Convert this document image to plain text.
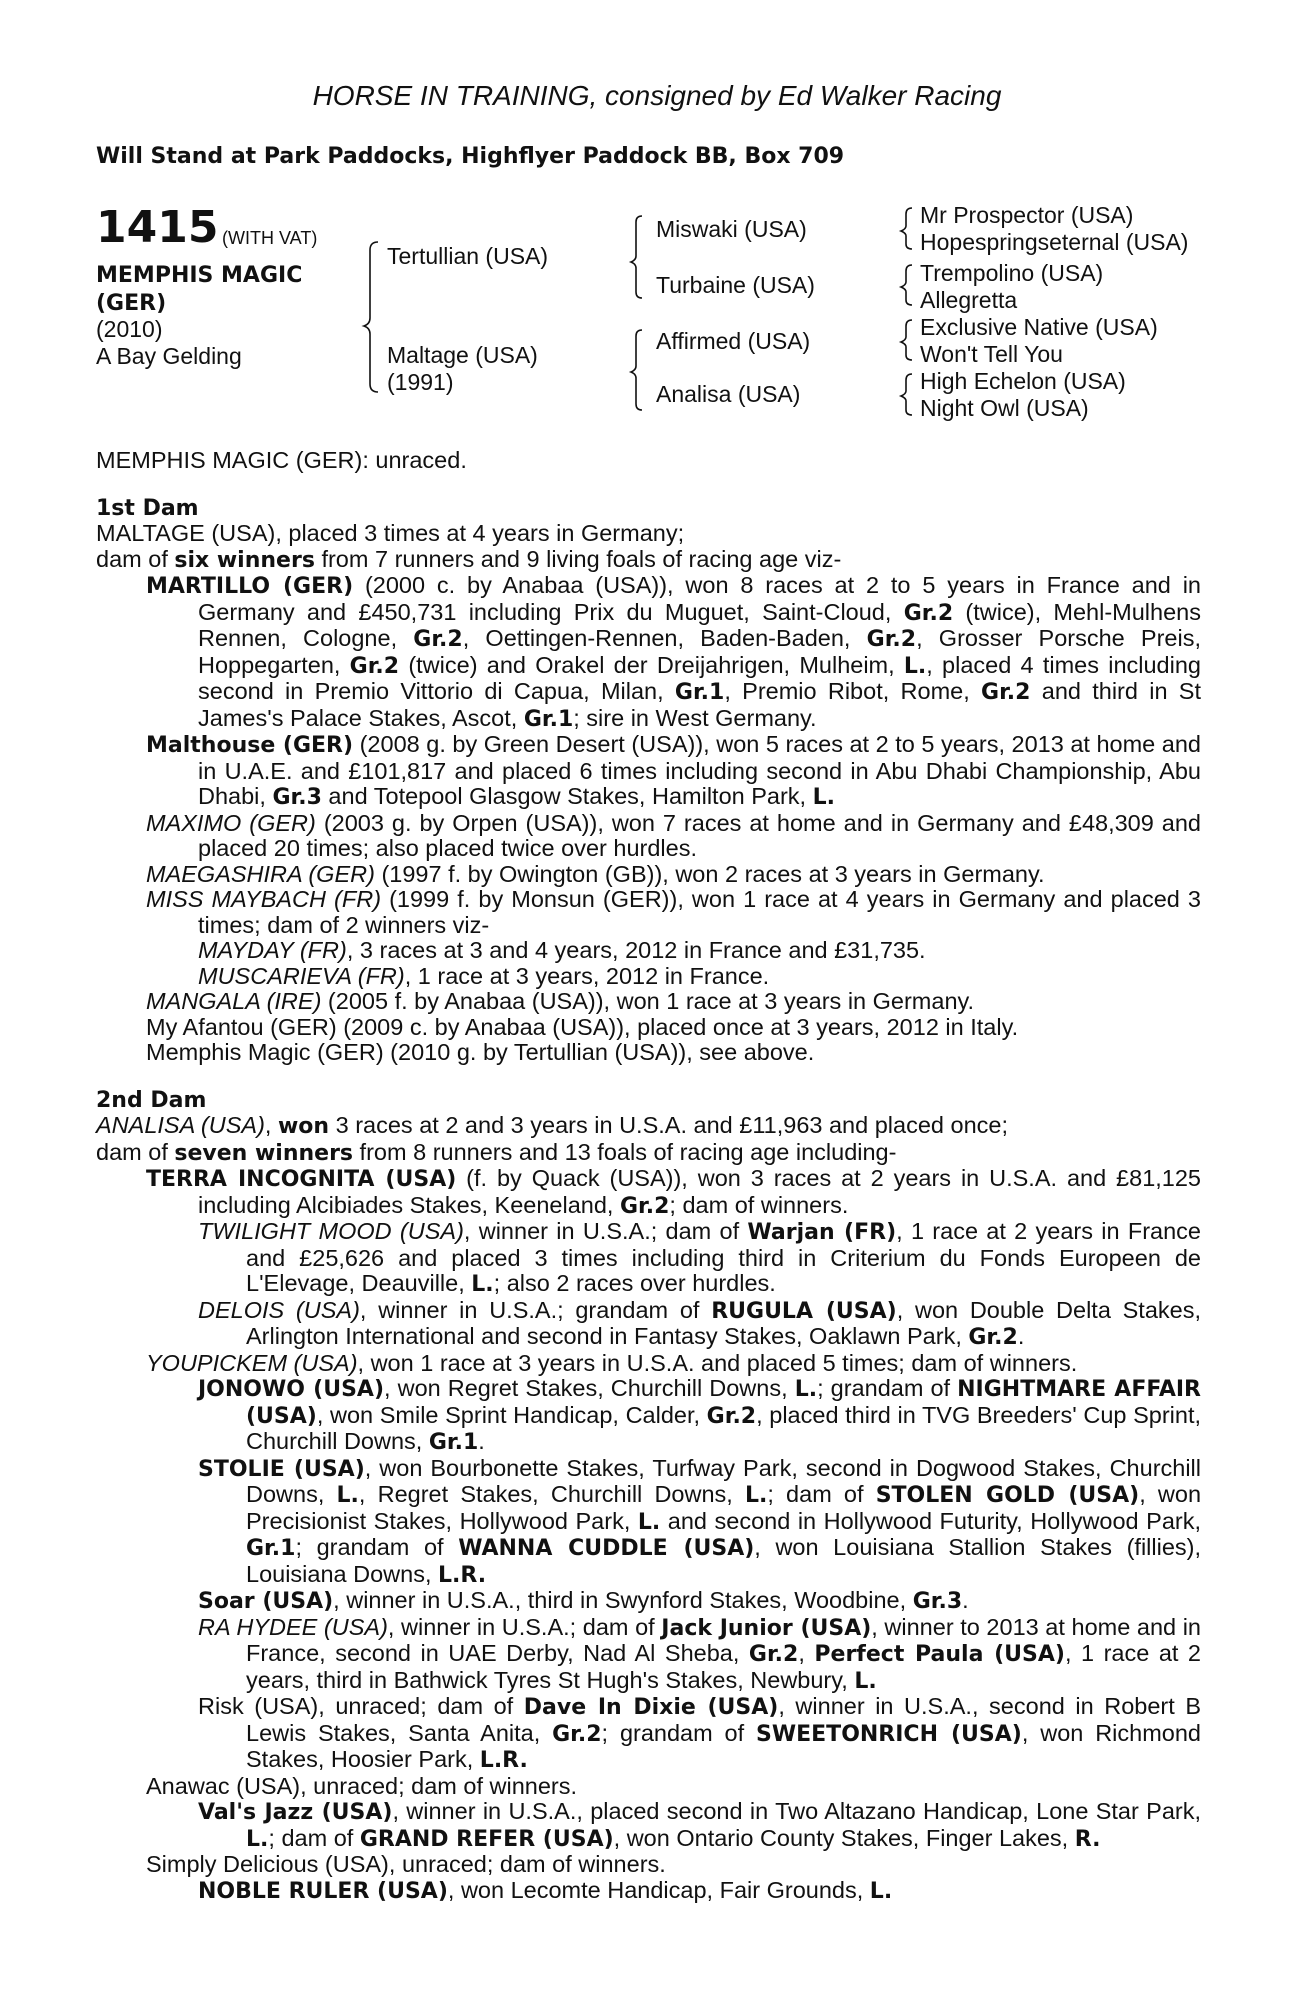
HORSE IN TRAINING, consigned by Ed Walker Racing
Will Stand at Park Paddocks, Highflyer Paddock BB, Box 709
1415 (WITH VAT)
MEMPHIS MAGIC
(GER)
(2010)
A Bay Gelding
Tertullian (USA)
Maltage (USA)
(1991)
Miswaki (USA)
Turbaine (USA)
Affirmed (USA)
Analisa (USA)
Mr Prospector (USA)
Hopespringseternal (USA)
Trempolino (USA)
Allegretta
Exclusive Native (USA)
Won't Tell You
High Echelon (USA)
Night Owl (USA)
MEMPHIS MAGIC (GER): unraced.
1st Dam
MALTAGE (USA), placed 3 times at 4 years in Germany;
dam of six winners from 7 runners and 9 living foals of racing age viz-
MARTILLO (GER) (2000 c. by Anabaa (USA)), won 8 races at 2 to 5 years in France and in Germany and £450,731 including Prix du Muguet, Saint-Cloud, Gr.2 (twice), Mehl-Mulhens Rennen, Cologne, Gr.2, Oettingen-Rennen, Baden-Baden, Gr.2, Grosser Porsche Preis, Hoppegarten, Gr.2 (twice) and Orakel der Dreijahrigen, Mulheim, L., placed 4 times including second in Premio Vittorio di Capua, Milan, Gr.1, Premio Ribot, Rome, Gr.2 and third in St James's Palace Stakes, Ascot, Gr.1; sire in West Germany.
Malthouse (GER) (2008 g. by Green Desert (USA)), won 5 races at 2 to 5 years, 2013 at home and in U.A.E. and £101,817 and placed 6 times including second in Abu Dhabi Championship, Abu Dhabi, Gr.3 and Totepool Glasgow Stakes, Hamilton Park, L.
MAXIMO (GER) (2003 g. by Orpen (USA)), won 7 races at home and in Germany and £48,309 and placed 20 times; also placed twice over hurdles.
MAEGASHIRA (GER) (1997 f. by Owington (GB)), won 2 races at 3 years in Germany.
MISS MAYBACH (FR) (1999 f. by Monsun (GER)), won 1 race at 4 years in Germany and placed 3 times; dam of 2 winners viz-
MAYDAY (FR), 3 races at 3 and 4 years, 2012 in France and £31,735.
MUSCARIEVA (FR), 1 race at 3 years, 2012 in France.
MANGALA (IRE) (2005 f. by Anabaa (USA)), won 1 race at 3 years in Germany.
My Afantou (GER) (2009 c. by Anabaa (USA)), placed once at 3 years, 2012 in Italy.
Memphis Magic (GER) (2010 g. by Tertullian (USA)), see above.
2nd Dam
ANALISA (USA), won 3 races at 2 and 3 years in U.S.A. and £11,963 and placed once;
dam of seven winners from 8 runners and 13 foals of racing age including-
TERRA INCOGNITA (USA) (f. by Quack (USA)), won 3 races at 2 years in U.S.A. and £81,125 including Alcibiades Stakes, Keeneland, Gr.2; dam of winners.
TWILIGHT MOOD (USA), winner in U.S.A.; dam of Warjan (FR), 1 race at 2 years in France and £25,626 and placed 3 times including third in Criterium du Fonds Europeen de L'Elevage, Deauville, L.; also 2 races over hurdles.
DELOIS (USA), winner in U.S.A.; grandam of RUGULA (USA), won Double Delta Stakes, Arlington International and second in Fantasy Stakes, Oaklawn Park, Gr.2.
YOUPICKEM (USA), won 1 race at 3 years in U.S.A. and placed 5 times; dam of winners.
JONOWO (USA), won Regret Stakes, Churchill Downs, L.; grandam of NIGHTMARE AFFAIR (USA), won Smile Sprint Handicap, Calder, Gr.2, placed third in TVG Breeders' Cup Sprint, Churchill Downs, Gr.1.
STOLIE (USA), won Bourbonette Stakes, Turfway Park, second in Dogwood Stakes, Churchill Downs, L., Regret Stakes, Churchill Downs, L.; dam of STOLEN GOLD (USA), won Precisionist Stakes, Hollywood Park, L. and second in Hollywood Futurity, Hollywood Park, Gr.1; grandam of WANNA CUDDLE (USA), won Louisiana Stallion Stakes (fillies), Louisiana Downs, L.R.
Soar (USA), winner in U.S.A., third in Swynford Stakes, Woodbine, Gr.3.
RA HYDEE (USA), winner in U.S.A.; dam of Jack Junior (USA), winner to 2013 at home and in France, second in UAE Derby, Nad Al Sheba, Gr.2, Perfect Paula (USA), 1 race at 2 years, third in Bathwick Tyres St Hugh's Stakes, Newbury, L.
Risk (USA), unraced; dam of Dave In Dixie (USA), winner in U.S.A., second in Robert B Lewis Stakes, Santa Anita, Gr.2; grandam of SWEETONRICH (USA), won Richmond Stakes, Hoosier Park, L.R.
Anawac (USA), unraced; dam of winners.
Val's Jazz (USA), winner in U.S.A., placed second in Two Altazano Handicap, Lone Star Park, L.; dam of GRAND REFER (USA), won Ontario County Stakes, Finger Lakes, R.
Simply Delicious (USA), unraced; dam of winners.
NOBLE RULER (USA), won Lecomte Handicap, Fair Grounds, L.
